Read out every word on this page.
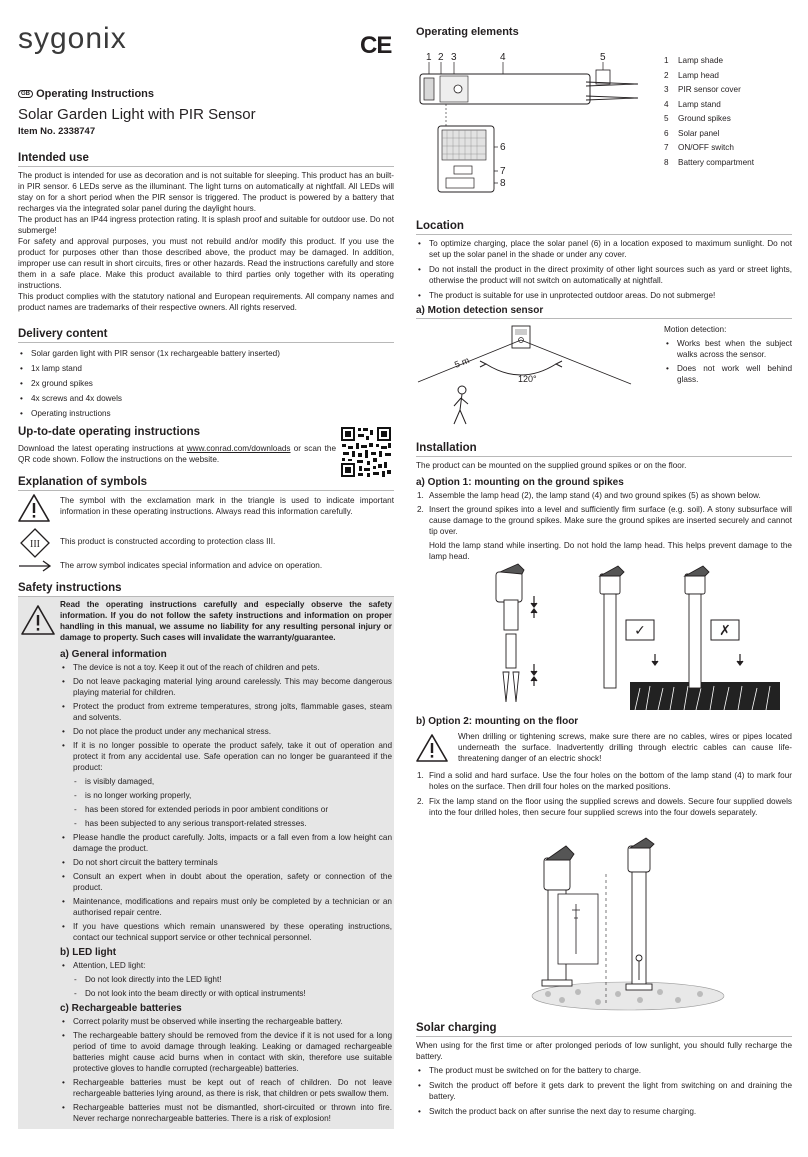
sygonix
GB Operating Instructions
Solar Garden Light with PIR Sensor
Item No. 2338747
Intended use

The product is intended for use as decoration and is not suitable for sleeping. This product has an built-in PIR sensor. 6 LEDs serve as the illuminant. The light turns on automatically at nightfall. All LEDs will stay on for a short period when the PIR sensor is triggered. The product is powered by a battery that recharges via the integrated solar panel during the daylight hours.

The product has an IP44 ingress protection rating. It is splash proof and suitable for outdoor use. Do not submerge!

For safety and approval purposes, you must not rebuild and/or modify this product. If you use the product for purposes other than those described above, the product may be damaged. In addition, improper use can result in short circuits, fires or other hazards. Read the instructions carefully and store them in a safe place. Make this product available to third parties only together with its operating instructions.

This product complies with the statutory national and European requirements. All company names and product names are trademarks of their respective owners. All rights reserved.

Delivery content
• Solar garden light with PIR sensor (1x rechargeable battery inserted)
• 1x lamp stand
• 2x ground spikes
• 4x screws and 4x dowels
• Operating instructions
Up-to-date operating instructions

Download the latest operating instructions at www.conrad.com/downloads or scan the QR code shown. Follow the instructions on the website.

Explanation of symbols

The symbol with the exclamation mark in the triangle is used to indicate important information in these operating instructions. Always read this information carefully.

III This product is constructed according to protection class III.

The arrow symbol indicates special information and advice on operation.

Safety instructions

Read the operating instructions carefully and especially observe the safety information. If you do not follow the safety instructions and information on proper handling in this manual, we assume no liability for any resulting personal injury or damage to property. Such cases will invalidate the warranty/guarantee.

a) General information
• The device is not a toy. Keep it out of the reach of children and pets.
• Do not leave packaging material lying around carelessly. This may become dangerous playing material for children.
• Protect the product from extreme temperatures, strong jolts, flammable gases, steam and solvents.
• Do not place the product under any mechanical stress.
• If it is no longer possible to operate the product safely, take it out of operation and protect it from any accidental use. Safe operation can no longer be guaranteed if the product:
- is visibly damaged,
- is no longer working properly,
- has been stored for extended periods in poor ambient conditions or
- has been subjected to any serious transport-related stresses.
• Please handle the product carefully. Jolts, impacts or a fall even from a low height can damage the product.
• Do not short circuit the battery terminals
• Consult an expert when in doubt about the operation, safety or connection of the product.
• Maintenance, modifications and repairs must only be completed by a technician or an authorised repair centre.
• If you have questions which remain unanswered by these operating instructions, contact our technical support service or other technical personnel.
b) LED light
• Attention, LED light:
- Do not look directly into the LED light!
- Do not look into the beam directly or with optical instruments!
c) Rechargeable batteries
• Correct polarity must be observed while inserting the rechargeable battery.
• The rechargeable battery should be removed from the device if it is not used for a long period of time to avoid damage through leaking. Leaking or damaged rechargeable batteries might cause acid burns when in contact with skin, therefore use suitable protective gloves to handle corrupted (rechargeable) batteries.
• Rechargeable batteries must be kept out of reach of children. Do not leave rechargeable batteries lying around, as there is risk, that children or pets swallow them.
• Rechargeable batteries must not be dismantled, short-circuited or thrown into fire. Never recharge nonrechargeable batteries. There is a risk of explosion!
CE Operating elements
1 2 3	4	5
6
7
8
1 Lamp shade
2 Lamp head
3 PIR sensor cover
4 Lamp stand
5 Ground spikes
6 Solar panel
7 ON/OFF switch
8 Battery compartment
Location
• To optimize charging, place the solar panel (6) in a location exposed to maximum sunlight. Do not set up the solar panel in the shade or under any cover.
• Do not install the product in the direct proximity of other light sources such as yard or street lights, otherwise the product will not switch on automatically at nightfall.
• The product is suitable for use in unprotected outdoor areas. Do not submerge!
a) Motion detection sensor
5 m
120°

Motion detection:

• Works best when the subject walks across the sensor.
• Does not work well behind glass.
Installation

The product can be mounted on the supplied ground spikes or on the floor.

a) Option 1: mounting on the ground spikes
1. Assemble the lamp head (2), the lamp stand (4) and two ground spikes (5) as shown below.
2. Insert the ground spikes into a level and sufficiently firm surface (e.g. soil). A stony subsurface will cause damage to the ground spikes. Make sure the ground spikes are inserted securely and cannot tip over.

Hold the lamp stand while inserting. Do not hold the lamp head. This helps prevent damage to the lamp head.

✓	✗
b) Option 2: mounting on the floor

When drilling or tightening screws, make sure there are no cables, wires or pipes located underneath the surface. Inadvertently drilling through electric cables can cause life-threatening danger of an electric shock!

1. Find a solid and hard surface. Use the four holes on the bottom of the lamp stand (4) to mark four holes on the surface. Then drill four holes on the marked positions.
2. Fix the lamp stand on the floor using the supplied screws and dowels. Secure four supplied dowels into the four drilled holes, then secure four supplied screws into the four dowels separately.
Solar charging

When using for the first time or after prolonged periods of low sunlight, you should fully recharge the battery.

• The product must be switched on for the battery to charge.
• Switch the product off before it gets dark to prevent the light from switching on and draining the battery.
• Switch the product back on after sunrise the next day to resume charging.
